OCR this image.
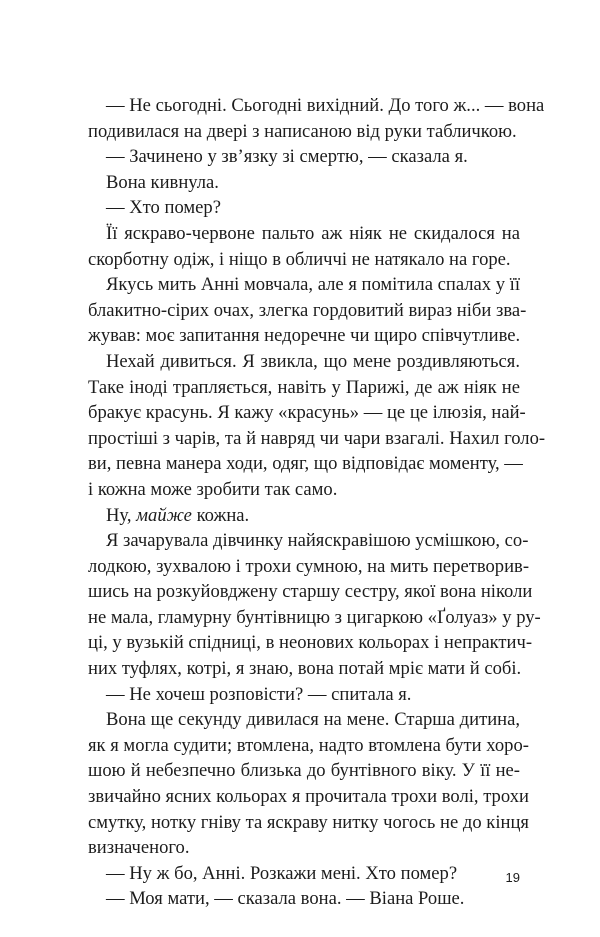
— Не сьогодні. Сьогодні вихідний. До того ж... — вона
подивилася на двері з написаною від руки табличкою.
— Зачинено у зв’язку зі смертю, — сказала я.
Вона кивнула.
— Хто помер?
Її яскраво-червоне пальто аж ніяк не скидалося на
скорботну одіж, і ніщо в обличчі не натякало на горе.
Якусь мить Анні мовчала, але я помітила спалах у її
блакитно-сірих очах, злегка гордовитий вираз ніби зва-
жував: моє запитання недоречне чи щиро співчутливе.
Нехай дивиться. Я звикла, що мене роздивляються.
Таке іноді трапляється, навіть у Парижі, де аж ніяк не
бракує красунь. Я кажу «красунь» — це це ілюзія, най-
простіші з чарів, та й навряд чи чари взагалі. Нахил голо-
ви, певна манера ходи, одяг, що відповідає моменту, —
і кожна може зробити так само.
Ну, майже кожна.
Я зачарувала дівчинку найяскравішою усмішкою, со-
лодкою, зухвалою і трохи сумною, на мить перетворив-
шись на розкуйовджену старшу сестру, якої вона ніколи
не мала, гламурну бунтівницю з цигаркою «Ґолуаз» у ру-
ці, у вузькій спідниці, в неонових кольорах і непрактич-
них туфлях, котрі, я знаю, вона потай мріє мати й собі.
— Не хочеш розповісти? — спитала я.
Вона ще секунду дивилася на мене. Старша дитина,
як я могла судити; втомлена, надто втомлена бути хоро-
шою й небезпечно близька до бунтівного віку. У її не-
звичайно ясних кольорах я прочитала трохи волі, трохи
смутку, нотку гніву та яскраву нитку чогось не до кінця
визначеного.
— Ну ж бо, Анні. Розкажи мені. Хто помер?
— Моя мати, — сказала вона. — Віана Роше.
19
